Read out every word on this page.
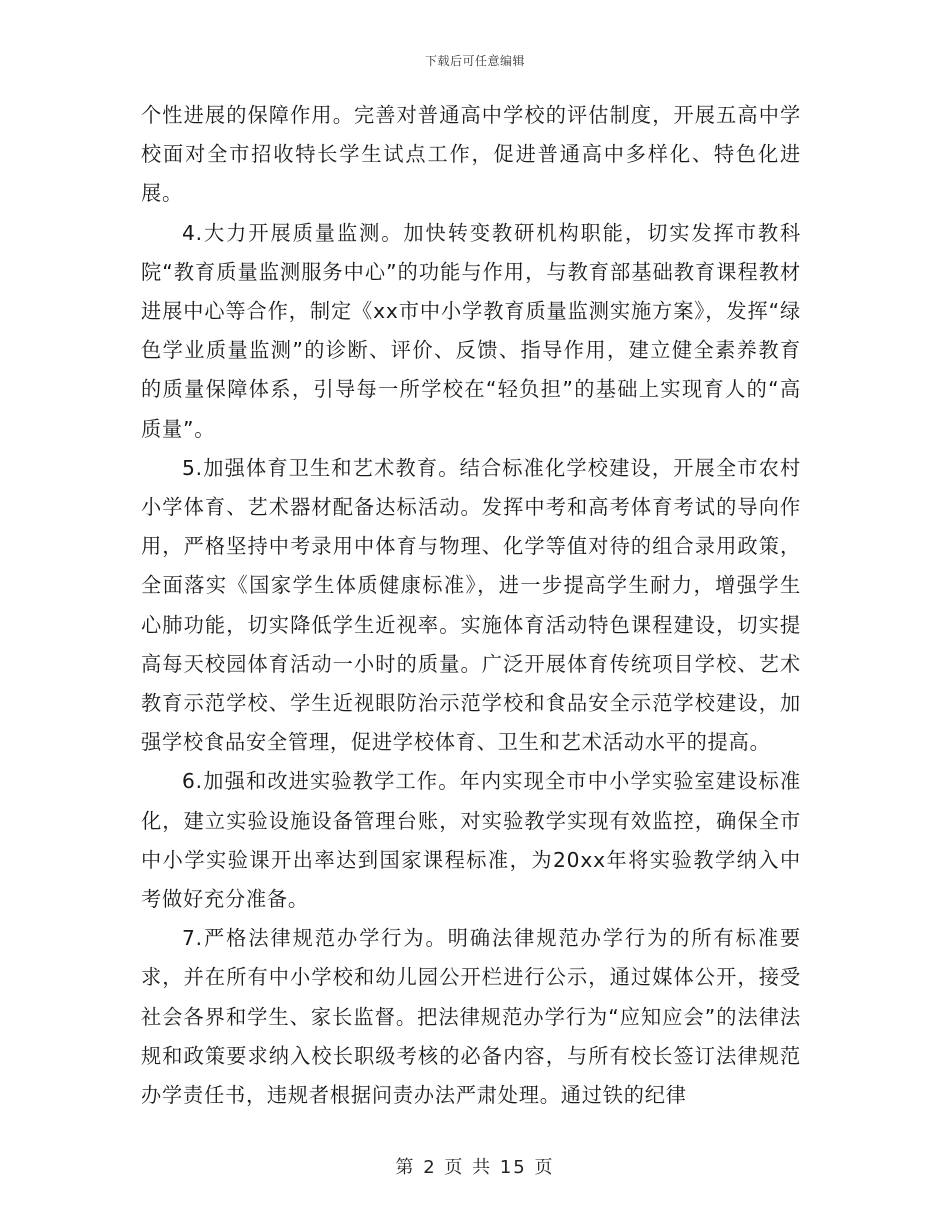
下载后可任意编辑

个性进展的保障作用。完善对普通高中学校的评估制度，开展五高中学校面对全市招收特长学生试点工作，促进普通高中多样化、特色化进展。

4.大力开展质量监测。加快转变教研机构职能，切实发挥市教科院“教育质量监测服务中心”的功能与作用，与教育部基础教育课程教材进展中心等合作，制定《xx市中小学教育质量监测实施方案》，发挥“绿色学业质量监测”的诊断、评价、反馈、指导作用，建立健全素养教育的质量保障体系，引导每一所学校在“轻负担”的基础上实现育人的“高质量”。

5.加强体育卫生和艺术教育。结合标准化学校建设，开展全市农村小学体育、艺术器材配备达标活动。发挥中考和高考体育考试的导向作用，严格坚持中考录用中体育与物理、化学等值对待的组合录用政策，全面落实《国家学生体质健康标准》，进一步提高学生耐力，增强学生心肺功能，切实降低学生近视率。实施体育活动特色课程建设，切实提高每天校园体育活动一小时的质量。广泛开展体育传统项目学校、艺术教育示范学校、学生近视眼防治示范学校和食品安全示范学校建设，加强学校食品安全管理，促进学校体育、卫生和艺术活动水平的提高。

6.加强和改进实验教学工作。年内实现全市中小学实验室建设标准化，建立实验设施设备管理台账，对实验教学实现有效监控，确保全市中小学实验课开出率达到国家课程标准，为20xx年将实验教学纳入中考做好充分准备。

7.严格法律规范办学行为。明确法律规范办学行为的所有标准要求，并在所有中小学校和幼儿园公开栏进行公示，通过媒体公开，接受社会各界和学生、家长监督。把法律规范办学行为“应知应会”的法律法规和政策要求纳入校长职级考核的必备内容，与所有校长签订法律规范办学责任书，违规者根据问责办法严肃处理。通过铁的纪律

第 2 页 共 15 页
